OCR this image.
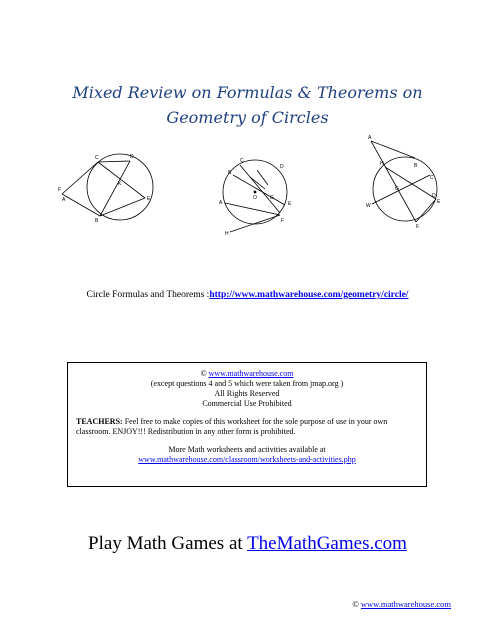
Mixed Review on Formulas & Theorems on
Geometry of Circles
C	D
F
A
B
E
K
C
D
B
A
O	G
E
F
H
A
H	B
C
G
D
E
F
W
Circle Formulas and Theorems :http://www.mathwarehouse.com/geometry/circle/
© www.mathwarehouse.com
(except questions 4 and 5 which were taken from jmap.org )
All Rights Reserved
Commercial Use Prohibited
TEACHERS: Feel free to make copies of this worksheet for the sole purpose of use in your own classroom. ENJOY!!! Redistribution in any other form is prohibited.
More Math worksheets and activities available at
www.mathwarehouse.com/classroom/worksheets-and-activities.php
Play Math Games at TheMathGames.com
© www.mathwarehouse.com
